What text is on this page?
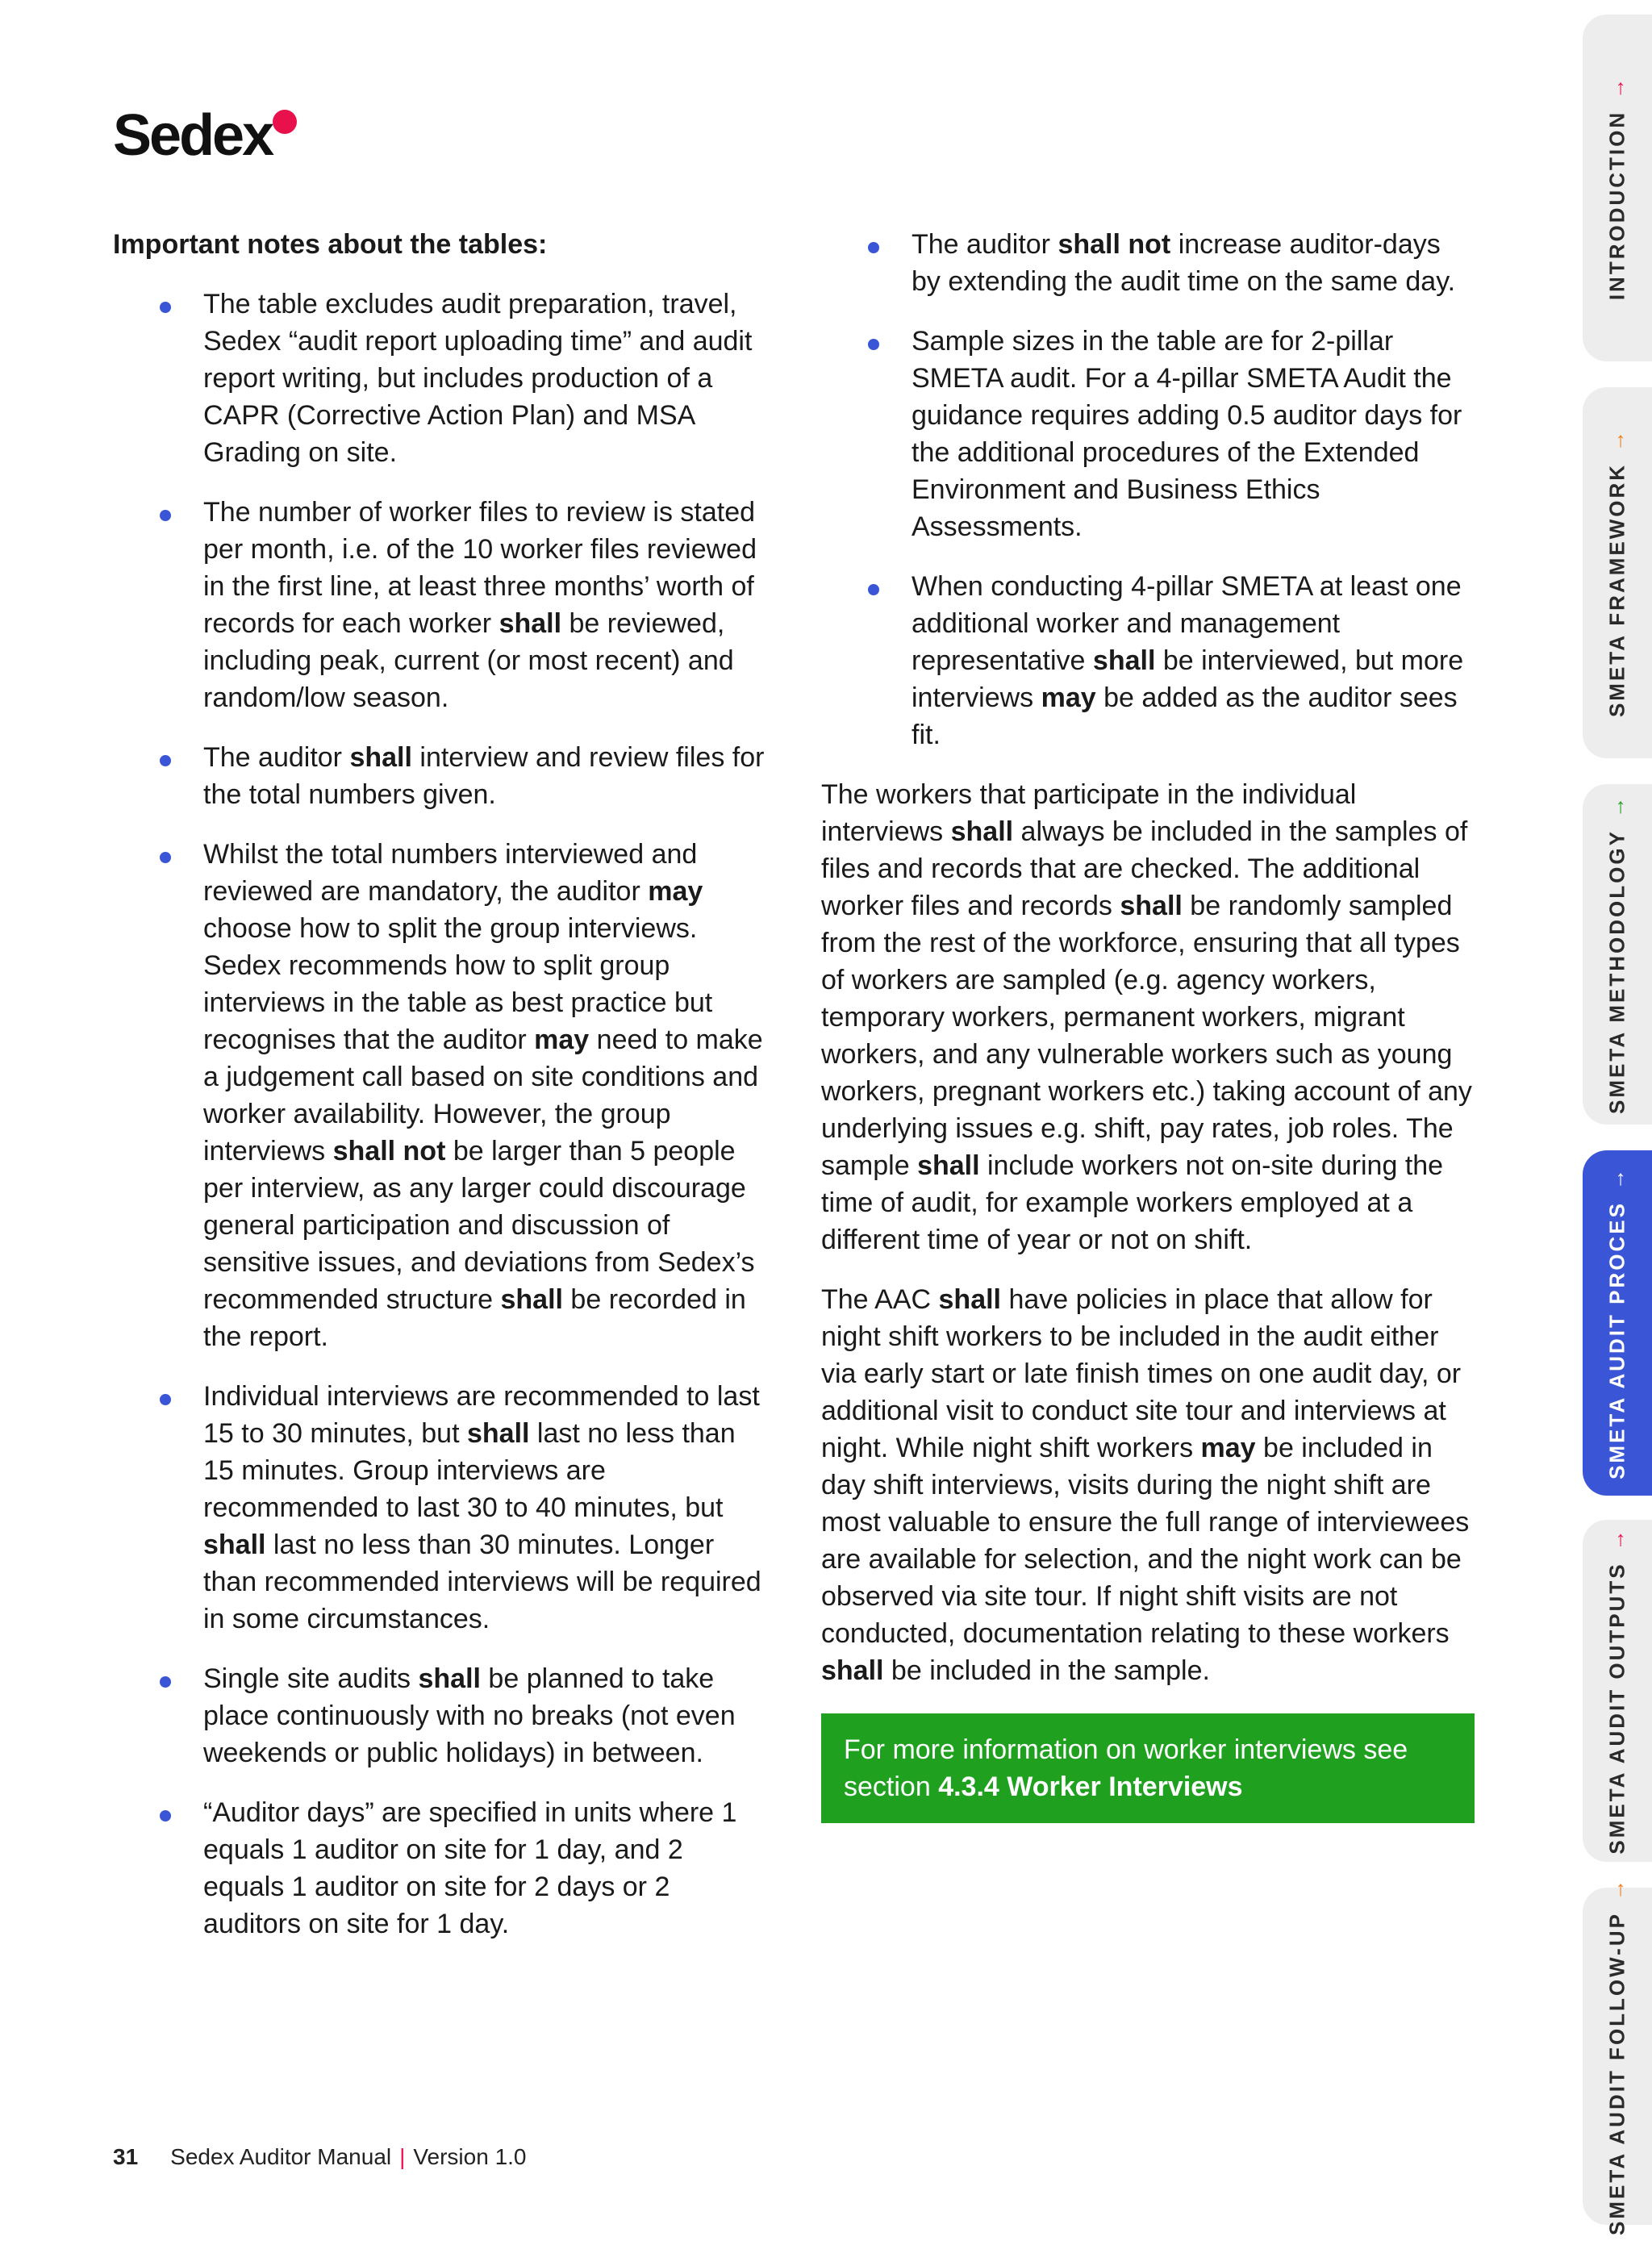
Sedex
Important notes about the tables:
The table excludes audit preparation, travel, Sedex “audit report uploading time” and audit report writing, but includes production of a CAPR (Corrective Action Plan) and MSA Grading on site.
The number of worker files to review is stated per month, i.e. of the 10 worker files reviewed in the first line, at least three months’ worth of records for each worker shall be reviewed, including peak, current (or most recent) and random/low season.
The auditor shall interview and review files for the total numbers given.
Whilst the total numbers interviewed and reviewed are mandatory, the auditor may choose how to split the group interviews. Sedex recommends how to split group interviews in the table as best practice but recognises that the auditor may need to make a judgement call based on site conditions and worker availability. However, the group interviews shall not be larger than 5 people per interview, as any larger could discourage general participation and discussion of sensitive issues, and deviations from Sedex’s recommended structure shall be recorded in the report.
Individual interviews are recommended to last 15 to 30 minutes, but shall last no less than 15 minutes. Group interviews are recommended to last 30 to 40 minutes, but shall last no less than 30 minutes. Longer than recommended interviews will be required in some circumstances.
Single site audits shall be planned to take place continuously with no breaks (not even weekends or public holidays) in between.
“Auditor days” are specified in units where 1 equals 1 auditor on site for 1 day, and 2 equals 1 auditor on site for 2 days or 2 auditors on site for 1 day.
The auditor shall not increase auditor-days by extending the audit time on the same day.
Sample sizes in the table are for 2-pillar SMETA audit. For a 4-pillar SMETA Audit the guidance requires adding 0.5 auditor days for the additional procedures of the Extended Environment and Business Ethics Assessments.
When conducting 4-pillar SMETA at least one additional worker and management representative shall be interviewed, but more interviews may be added as the auditor sees fit.

The workers that participate in the individual interviews shall always be included in the samples of files and records that are checked. The additional worker files and records shall be randomly sampled from the rest of the workforce, ensuring that all types of workers are sampled (e.g. agency workers, temporary workers, permanent workers, migrant workers, and any vulnerable workers such as young workers, pregnant workers etc.) taking account of any underlying issues e.g. shift, pay rates, job roles. The sample shall include workers not on-site during the time of audit, for example workers employed at a different time of year or not on shift.

The AAC shall have policies in place that allow for night shift workers to be included in the audit either via early start or late finish times on one audit day, or additional visit to conduct site tour and interviews at night. While night shift workers may be included in day shift interviews, visits during the night shift are most valuable to ensure the full range of interviewees are available for selection, and the night work can be observed via site tour. If night shift visits are not conducted, documentation relating to these workers shall be included in the sample.

For more information on worker interviews see section 4.3.4 Worker Interviews
31 Sedex Auditor Manual | Version 1.0
INTRODUCTION→
SMETA FRAMEWORK→
SMETA METHODOLOGY→
SMETA AUDIT PROCES→
SMETA AUDIT OUTPUTS→
SMETA AUDIT FOLLOW-UP→
